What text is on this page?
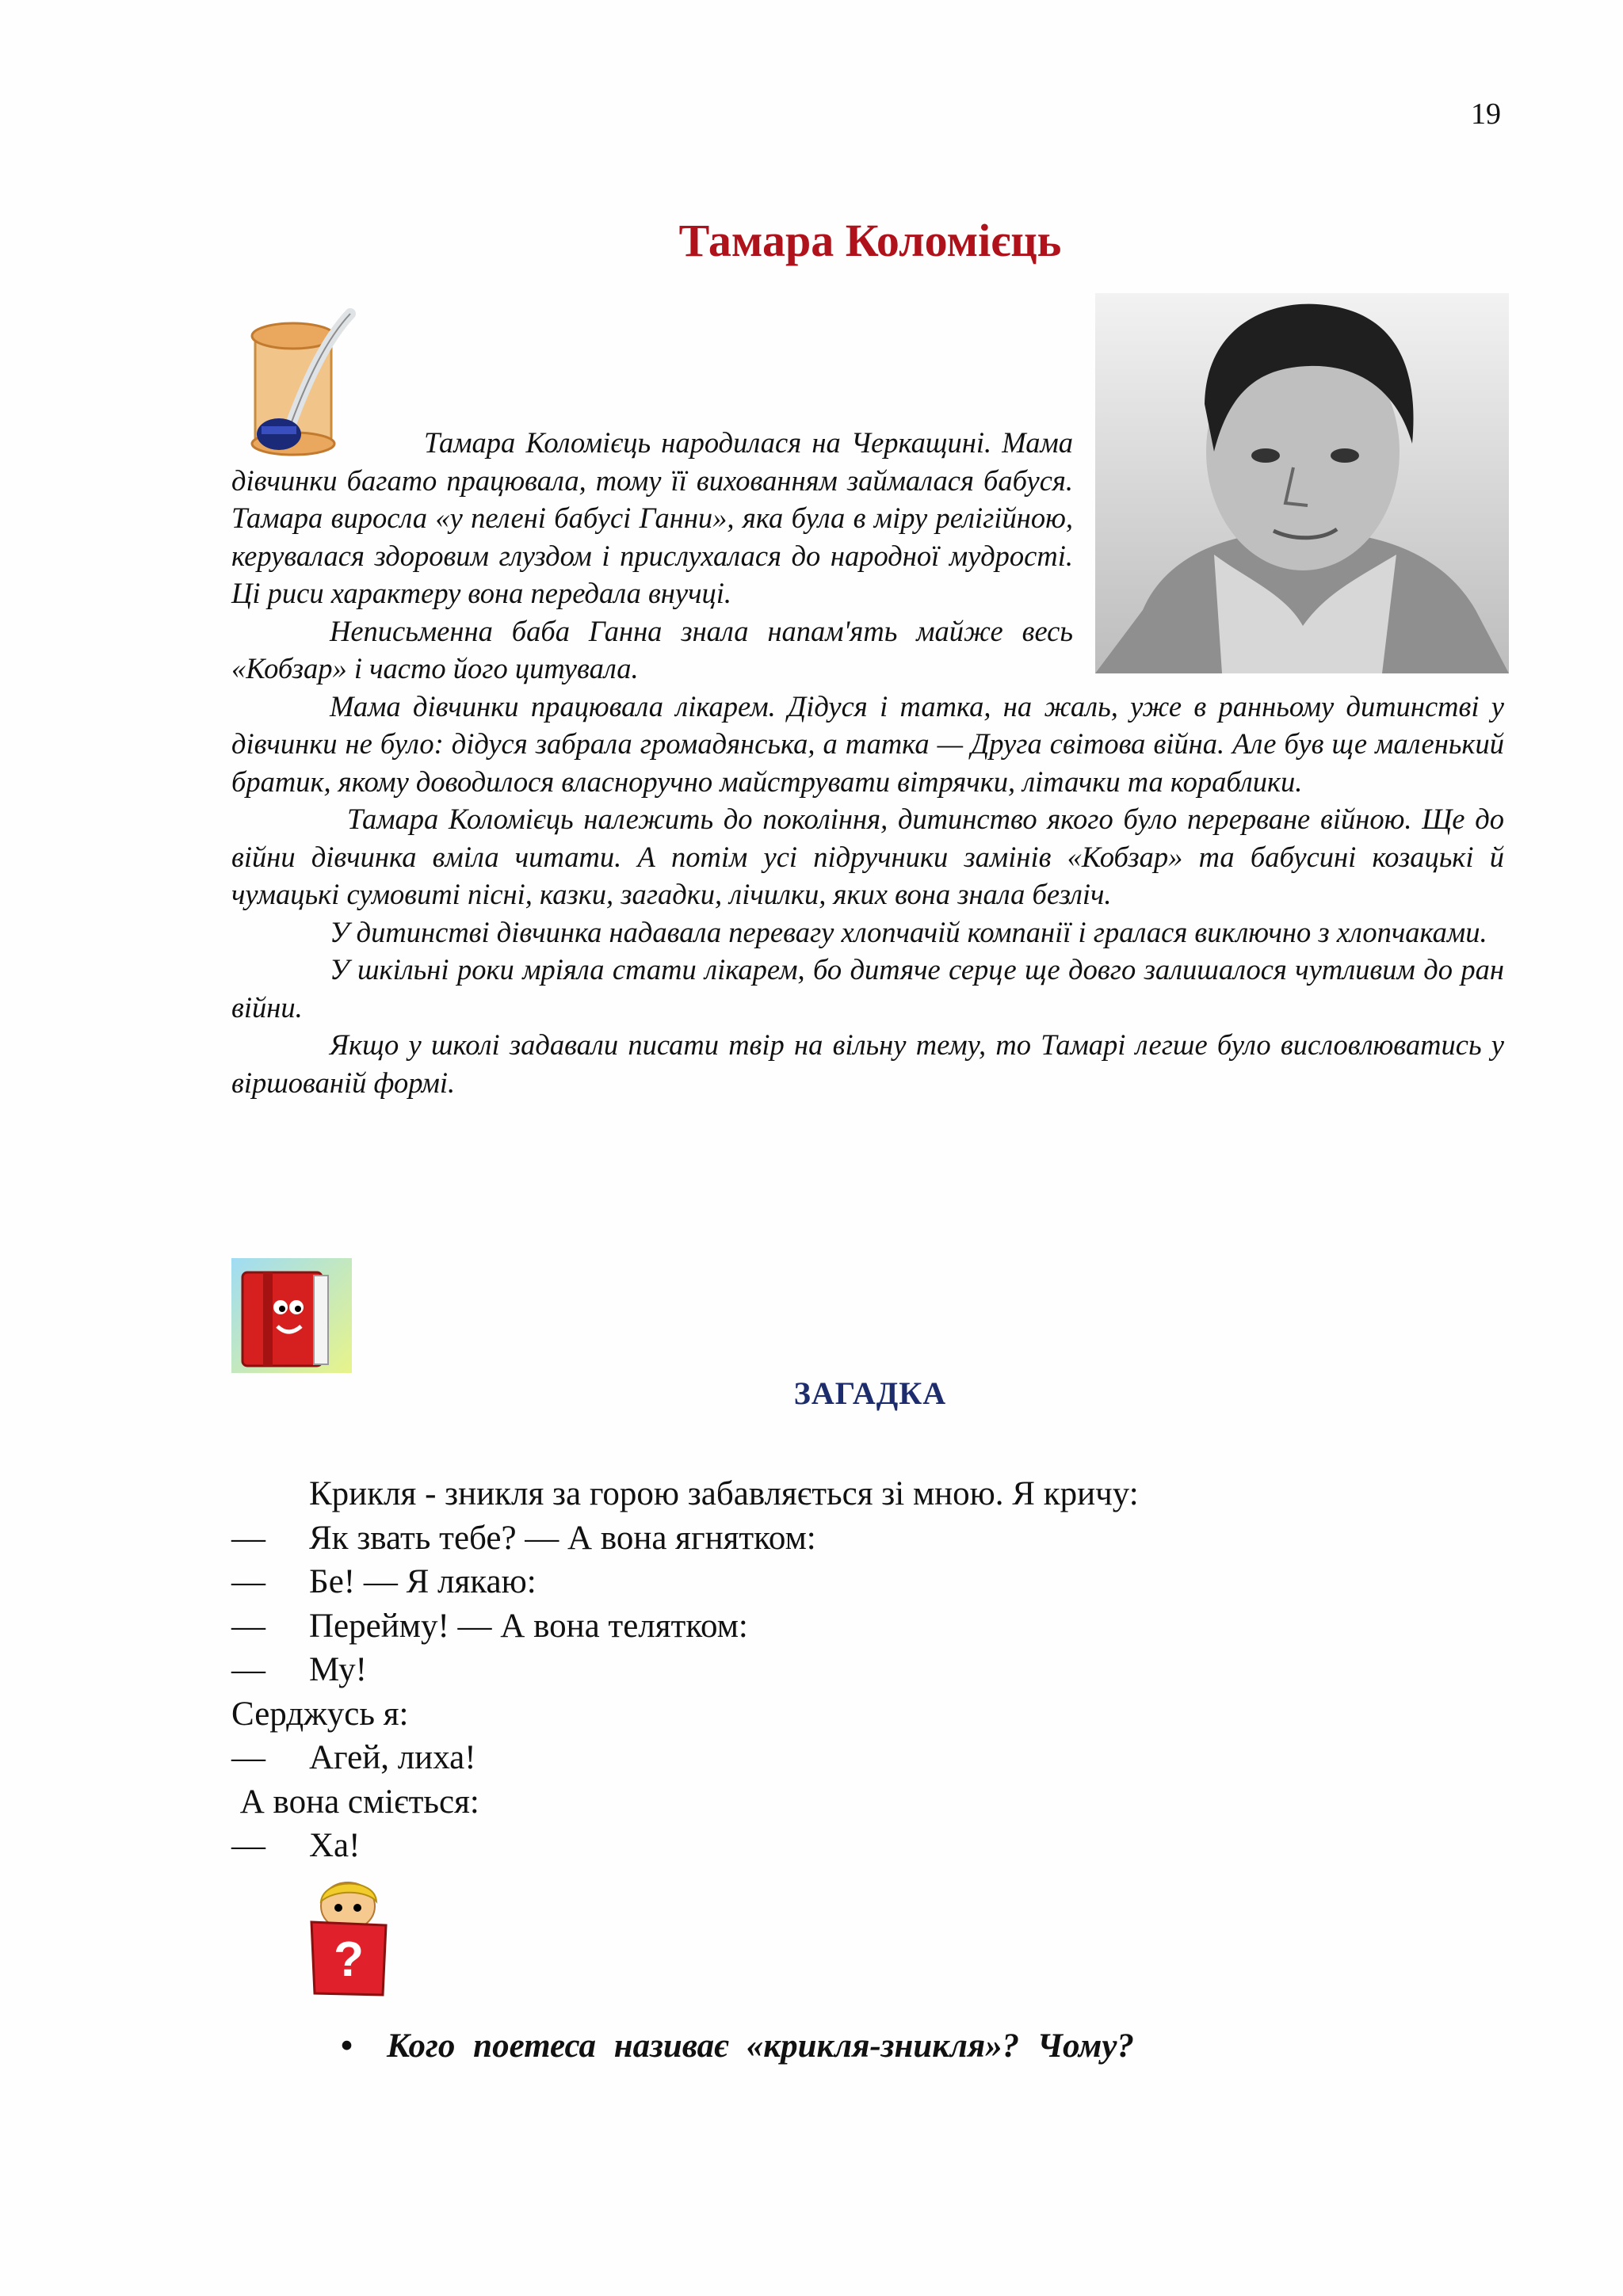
19
Тамара Коломієць

Тамара Коломієць народилася на Черкащині. Мама дівчинки багато працювала, тому її вихованням займалася бабуся. Тамара виросла «у пелені бабусі Ганни», яка була в міру релігійною, керувалася здоровим глуздом і прислухалася до народної мудрості. Ці риси характеру вона передала внучці.

Неписьменна баба Ганна знала напам'ять майже весь «Кобзар» і часто його цитувала.

Мама дівчинки працювала лікарем. Дідуся і татка, на жаль, уже в ранньому дитинстві у дівчинки не було: дідуся забрала громадянська, а татка — Друга світова війна. Але був ще маленький братик, якому доводилося власноручно майструвати вітрячки, літачки та кораблики.

Тамара Коломієць належить до покоління, дитинство якого було перерване війною. Ще до війни дівчинка вміла читати. А потім усі підручники замінів «Кобзар» та бабусині козацькі й чумацькі сумовиті пісні, казки, загадки, лічилки, яких вона знала безліч.

У дитинстві дівчинка надавала перевагу хлопчачій компанії і гралася виключно з хлопчаками.

У шкільні роки мріяла стати лікарем, бо дитяче серце ще довго залишалося чутливим до ран війни.

Якщо у школі задавали писати твір на вільну тему, то Тамарі легше було висловлюватись у віршованій формі.

ЗАГАДКА
Крикля - зникля за горою забавляється зі мною. Я кричу:
— Як звать тебе? — А вона ягнятком:
— Бе! — Я лякаю:
— Перейму! — А вона телятком:
— Му!
Серджусь я:
— Агей, лиха!
А вона сміється:
— Ха!
?
• Кого поетеса називає «крикля-зникля»? Чому?
